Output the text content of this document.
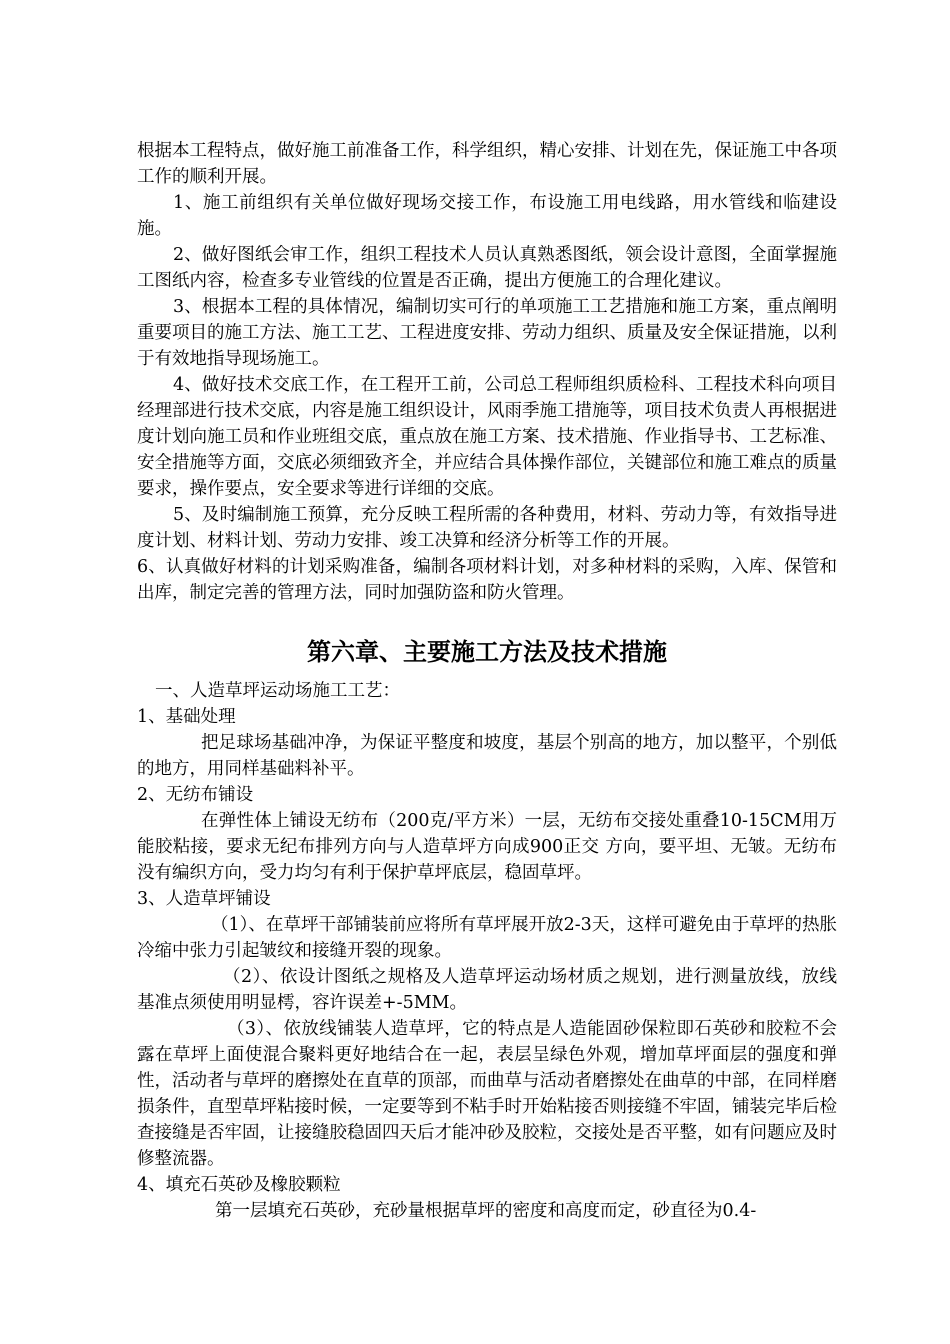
根据本工程特点，做好施工前准备工作，科学组织，精心安排、计划在先，保证施工中各项工作的顺利开展。

1、施工前组织有关单位做好现场交接工作，布设施工用电线路，用水管线和临建设施。

2、做好图纸会审工作，组织工程技术人员认真熟悉图纸，领会设计意图，全面掌握施工图纸内容，检查多专业管线的位置是否正确，提出方便施工的合理化建议。

3、根据本工程的具体情况，编制切实可行的单项施工工艺措施和施工方案，重点阐明重要项目的施工方法、施工工艺、工程进度安排、劳动力组织、质量及安全保证措施，以利于有效地指导现场施工。

4、做好技术交底工作，在工程开工前，公司总工程师组织质检科、工程技术科向项目经理部进行技术交底，内容是施工组织设计，风雨季施工措施等，项目技术负责人再根据进度计划向施工员和作业班组交底，重点放在施工方案、技术措施、作业指导书、工艺标准、安全措施等方面，交底必须细致齐全，并应结合具体操作部位，关键部位和施工难点的质量要求，操作要点，安全要求等进行详细的交底。

5、及时编制施工预算，充分反映工程所需的各种费用，材料、劳动力等，有效指导进度计划、材料计划、劳动力安排、竣工决算和经济分析等工作的开展。

6、认真做好材料的计划采购准备，编制各项材料计划，对多种材料的采购，入库、保管和出库，制定完善的管理方法，同时加强防盗和防火管理。

第六章、主要施工方法及技术措施

一、人造草坪运动场施工工艺：

1、基础处理

把足球场基础冲净，为保证平整度和坡度，基层个别高的地方，加以整平，个别低的地方，用同样基础料补平。

2、无纺布铺设

在弹性体上铺设无纺布（200克/平方米）一层，无纺布交接处重叠10-15CM用万能胶粘接，要求无纪布排列方向与人造草坪方向成900正交 方向，要平坦、无皱。无纺布没有编织方向，受力均匀有利于保护草坪底层，稳固草坪。

3、人造草坪铺设

（1）、在草坪干部铺装前应将所有草坪展开放2-3天，这样可避免由于草坪的热胀冷缩中张力引起皱纹和接缝开裂的现象。

（2）、依设计图纸之规格及人造草坪运动场材质之规划，进行测量放线，放线基准点须使用明显樗，容许误差+-5MM。

（3）、依放线铺装人造草坪，它的特点是人造能固砂保粒即石英砂和胶粒不会露在草坪上面使混合聚料更好地结合在一起，表层呈绿色外观，增加草坪面层的强度和弹性，活动者与草坪的磨擦处在直草的顶部，而曲草与活动者磨擦处在曲草的中部，在同样磨损条件，直型草坪粘接时候，一定要等到不粘手时开始粘接否则接缝不牢固，铺装完毕后检查接缝是否牢固，让接缝胶稳固四天后才能冲砂及胶粒，交接处是否平整，如有问题应及时修整流器。

4、填充石英砂及橡胶颗粒

第一层填充石英砂，充砂量根据草坪的密度和高度而定，砂直径为0.4-
